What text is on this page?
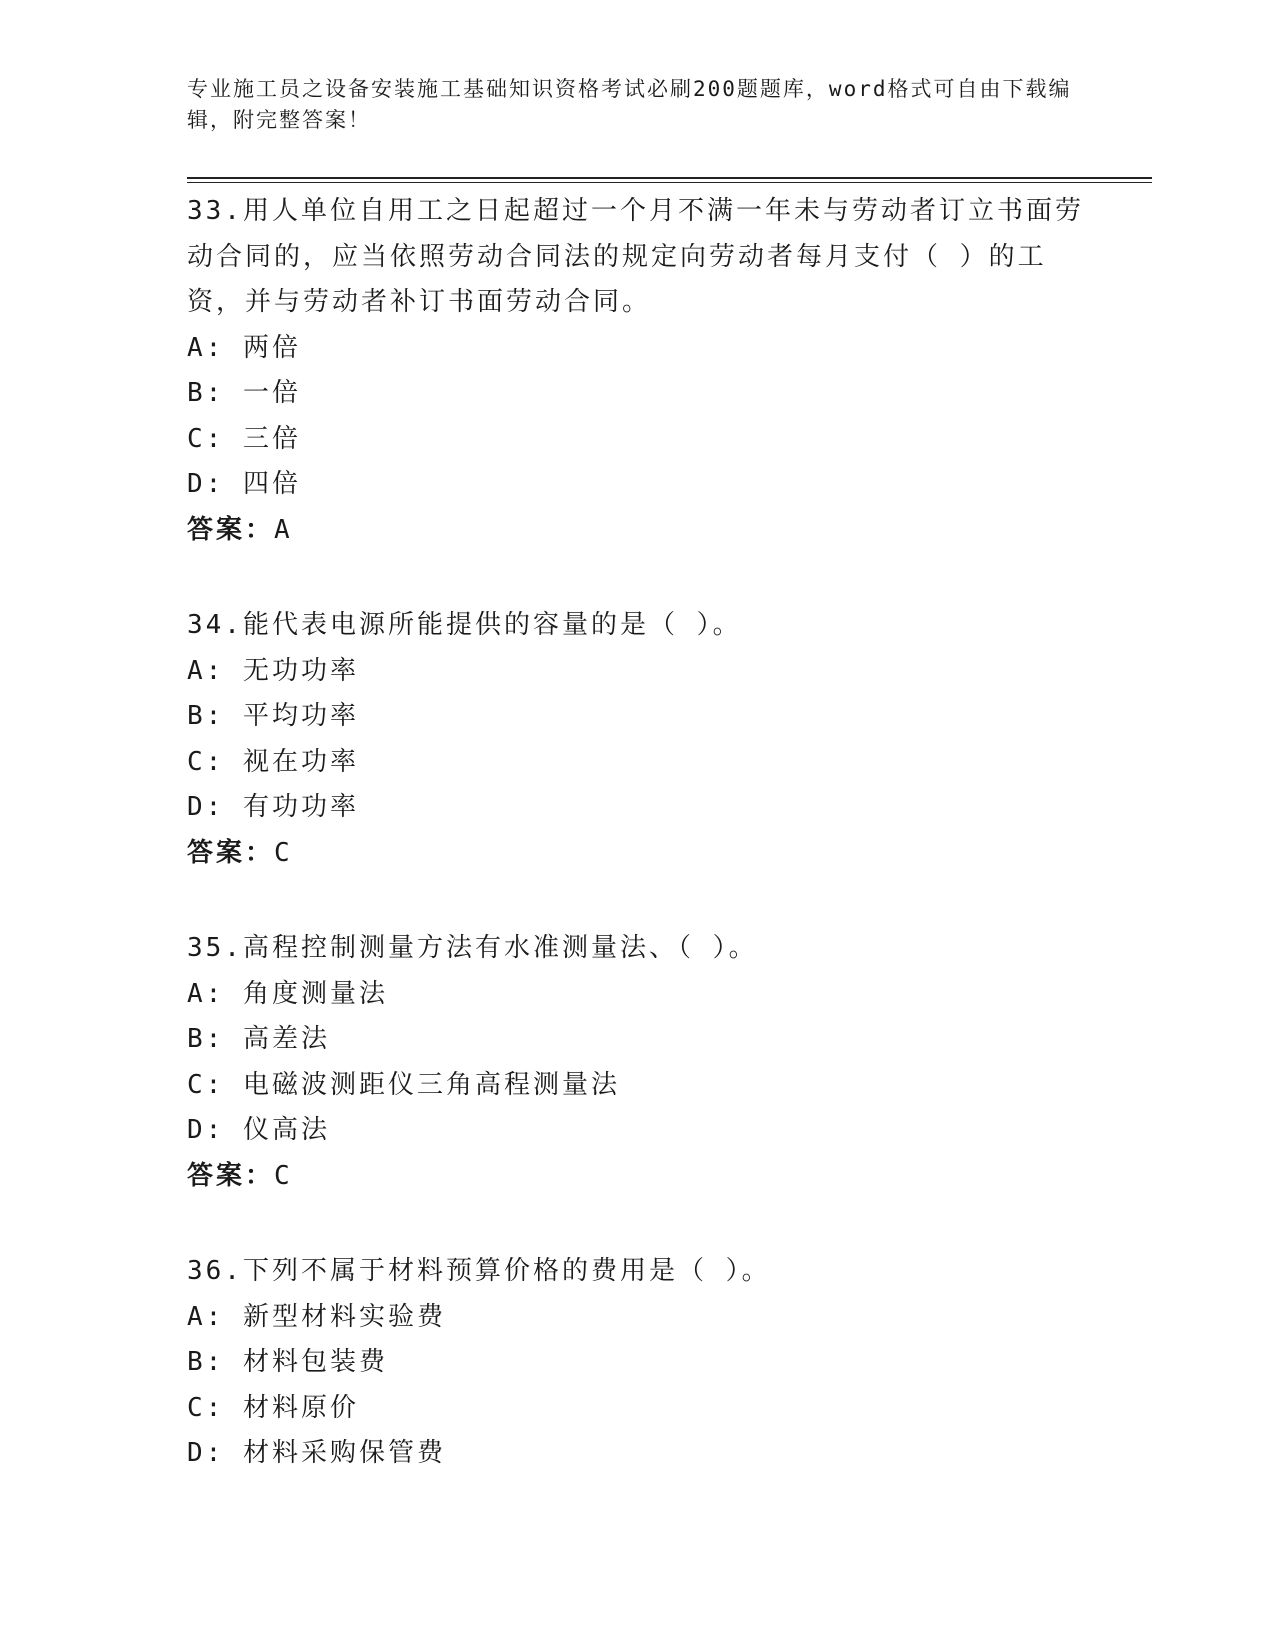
专业施工员之设备安装施工基础知识资格考试必刷200题题库，word格式可自由下载编辑，附完整答案！

33.用人单位自用工之日起超过一个月不满一年未与劳动者订立书面劳动合同的，应当依照劳动合同法的规定向劳动者每月支付（ ）的工资，并与劳动者补订书面劳动合同。

A: 两倍
B: 一倍
C: 三倍
D: 四倍
答案：A

34.能代表电源所能提供的容量的是（ ）。

A: 无功功率
B: 平均功率
C: 视在功率
D: 有功功率
答案：C

35.高程控制测量方法有水准测量法、（ ）。

A: 角度测量法
B: 高差法
C: 电磁波测距仪三角高程测量法
D: 仪高法
答案：C

36.下列不属于材料预算价格的费用是（ ）。

A: 新型材料实验费
B: 材料包装费
C: 材料原价
D: 材料采购保管费
